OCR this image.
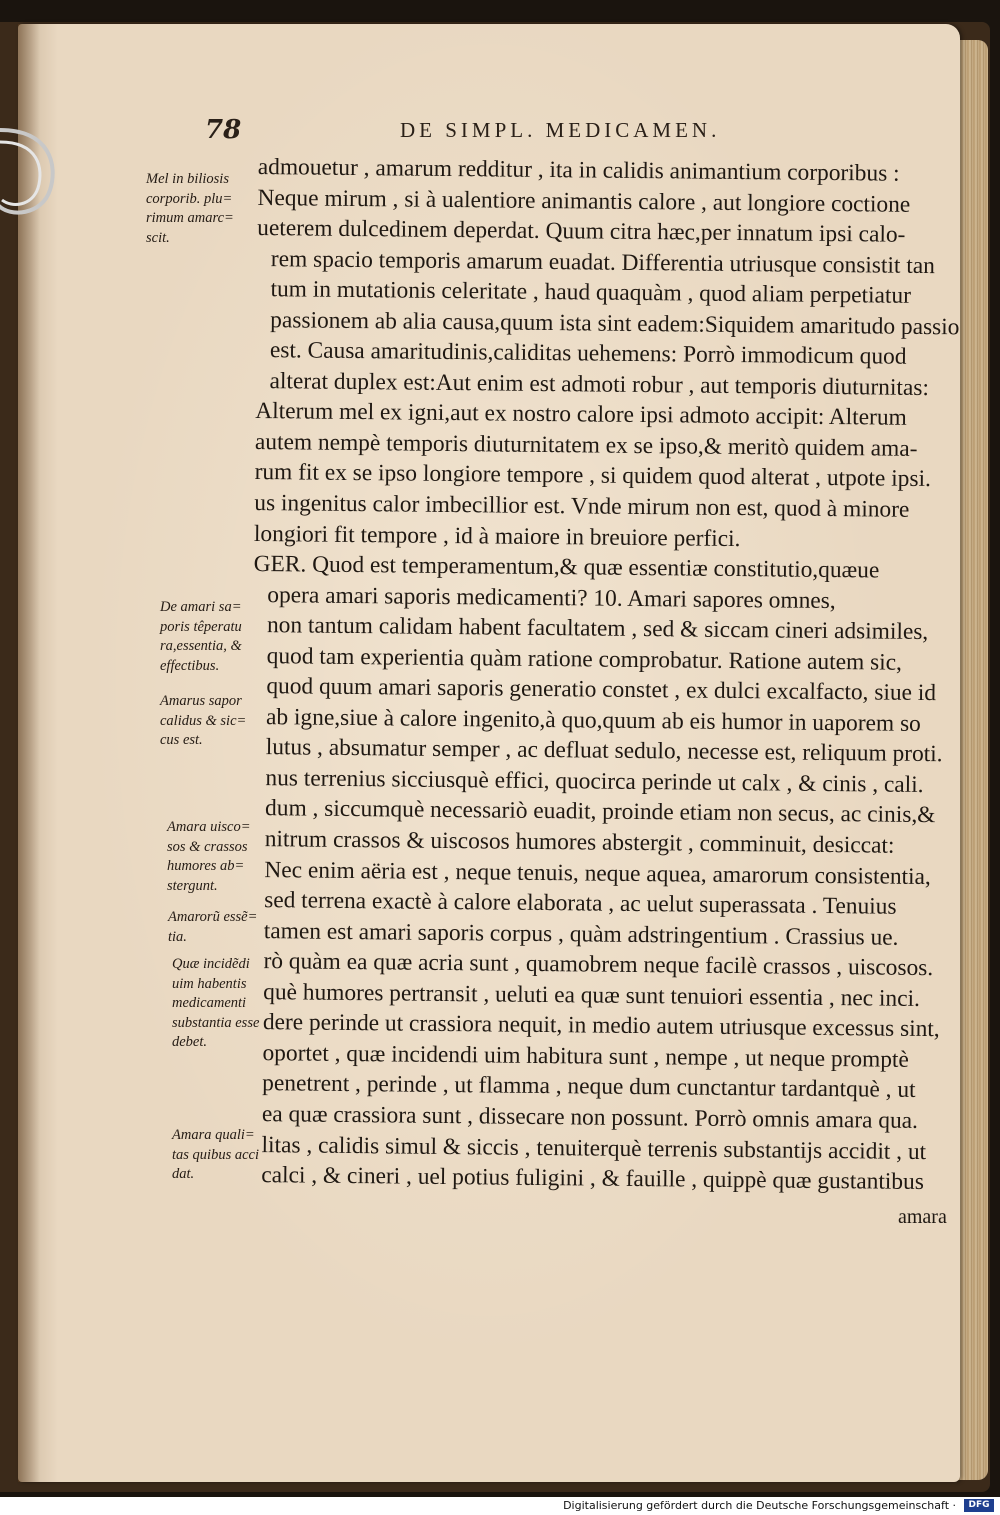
78	DE SIMPL. MEDICAMEN.
admouetur , amarum redditur , ita in calidis animantium corporibus :
Neque mirum , si à ualentiore animantis calore , aut longiore coctione
ueterem dulcedinem deperdat. Quum citra hæc,per innatum ipsi calo-
rem spacio temporis amarum euadat. Differentia utriusque consistit tan
tum in mutationis celeritate , haud quaquàm , quod aliam perpetiatur
passionem ab alia causa,quum ista sint eadem:Siquidem amaritudo passio
est. Causa amaritudinis,caliditas uehemens: Porrò immodicum quod
alterat duplex est:Aut enim est admoti robur , aut temporis diuturnitas:
Alterum mel ex igni,aut ex nostro calore ipsi admoto accipit: Alterum
autem nempè temporis diuturnitatem ex se ipso,& meritò quidem ama-
rum fit ex se ipso longiore tempore , si quidem quod alterat , utpote ipsi.
us ingenitus calor imbecillior est. Vnde mirum non est, quod à minore
longiori fit tempore , id à maiore in breuiore perfici.
GER. Quod est temperamentum,& quæ essentiæ constitutio,quæue
opera amari saporis medicamenti? 10. Amari sapores omnes,
non tantum calidam habent facultatem , sed & siccam cineri adsimiles,
quod tam experientia quàm ratione comprobatur. Ratione autem sic,
quod quum amari saporis generatio constet , ex dulci excalfacto, siue id
ab igne,siue à calore ingenito,à quo,quum ab eis humor in uaporem so
lutus , absumatur semper , ac defluat sedulo, necesse est, reliquum proti.
nus terrenius sicciusquè effici, quocirca perinde ut calx , & cinis , cali.
dum , siccumquè necessariò euadit, proinde etiam non secus, ac cinis,&
nitrum crassos & uiscosos humores abstergit , comminuit, desiccat:
Nec enim aëria est , neque tenuis, neque aquea, amarorum consistentia,
sed terrena exactè à calore elaborata , ac uelut superassata . Tenuius
tamen est amari saporis corpus , quàm adstringentium . Crassius ue.
rò quàm ea quæ acria sunt , quamobrem neque facilè crassos , uiscosos.
què humores pertransit , ueluti ea quæ sunt tenuiori essentia , nec inci.
dere perinde ut crassiora nequit, in medio autem utriusque excessus sint,
oportet , quæ incidendi uim habitura sunt , nempe , ut neque promptè
penetrent , perinde , ut flamma , neque dum cunctantur tardantquè , ut
ea quæ crassiora sunt , dissecare non possunt. Porrò omnis amara qua.
litas , calidis simul & siccis , tenuiterquè terrenis substantijs accidit , ut
calci , & cineri , uel potius fuligini , & fauille , quippè quæ gustantibus
amara
Mel in biliosis
corporib. plu=
rimum amarc=
scit.
De amari sa=
poris têperatu
ra,essentia, &
effectibus.
Amarus sapor
calidus & sic=
cus est.
Amara uisco=
sos & crassos
humores ab=
stergunt.
Amarorũ essẽ=
tia.
Quæ incidẽdi
uim habentis
medicamenti
substantia esse
debet.
Amara quali=
tas quibus acci
dat.
Digitalisierung gefördert durch die Deutsche Forschungsgemeinschaft ·	DFG
